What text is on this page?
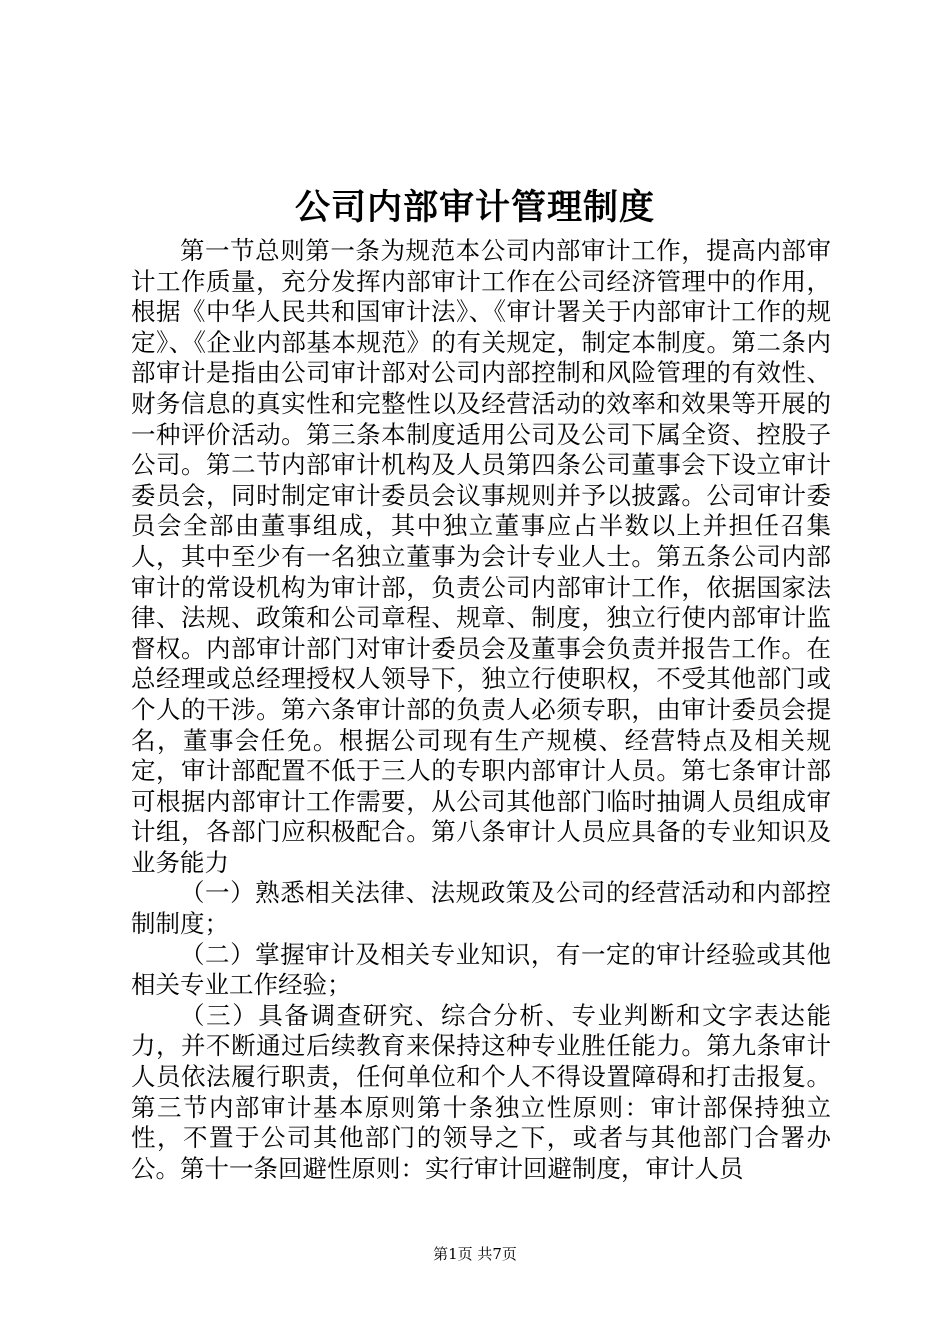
公司内部审计管理制度

第一节总则第一条为规范本公司内部审计工作，提高内部审计工作质量，充分发挥内部审计工作在公司经济管理中的作用，根据《中华人民共和国审计法》、《审计署关于内部审计工作的规定》、《企业内部基本规范》的有关规定，制定本制度。第二条内部审计是指由公司审计部对公司内部控制和风险管理的有效性、财务信息的真实性和完整性以及经营活动的效率和效果等开展的一种评价活动。第三条本制度适用公司及公司下属全资、控股子公司。第二节内部审计机构及人员第四条公司董事会下设立审计委员会，同时制定审计委员会议事规则并予以披露。公司审计委员会全部由董事组成，其中独立董事应占半数以上并担任召集人，其中至少有一名独立董事为会计专业人士。第五条公司内部审计的常设机构为审计部，负责公司内部审计工作，依据国家法律、法规、政策和公司章程、规章、制度，独立行使内部审计监督权。内部审计部门对审计委员会及董事会负责并报告工作。在总经理或总经理授权人领导下，独立行使职权，不受其他部门或个人的干涉。第六条审计部的负责人必须专职，由审计委员会提名，董事会任免。根据公司现有生产规模、经营特点及相关规定，审计部配置不低于三人的专职内部审计人员。第七条审计部可根据内部审计工作需要，从公司其他部门临时抽调人员组成审计组，各部门应积极配合。第八条审计人员应具备的专业知识及业务能力

（一）熟悉相关法律、法规政策及公司的经营活动和内部控制制度；

（二）掌握审计及相关专业知识，有一定的审计经验或其他相关专业工作经验；

（三）具备调查研究、综合分析、专业判断和文字表达能力，并不断通过后续教育来保持这种专业胜任能力。第九条审计人员依法履行职责，任何单位和个人不得设置障碍和打击报复。第三节内部审计基本原则第十条独立性原则：审计部保持独立性，不置于公司其他部门的领导之下，或者与其他部门合署办公。第十一条回避性原则：实行审计回避制度，审计人员

第1页 共7页
